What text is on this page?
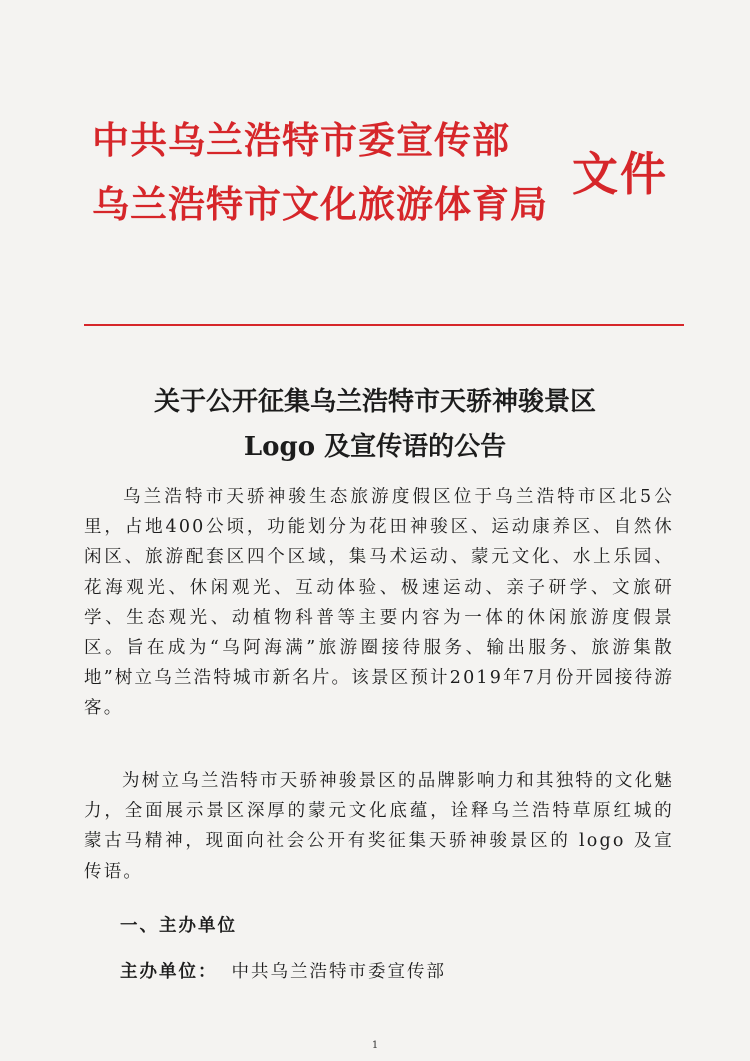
中共乌兰浩特市委宣传部
乌兰浩特市文化旅游体育局
文件
关于公开征集乌兰浩特市天骄神骏景区
Logo 及宣传语的公告

乌兰浩特市天骄神骏生态旅游度假区位于乌兰浩特市区北5公里，占地400公顷，功能划分为花田神骏区、运动康养区、自然休闲区、旅游配套区四个区域，集马术运动、蒙元文化、水上乐园、花海观光、休闲观光、互动体验、极速运动、亲子研学、文旅研学、生态观光、动植物科普等主要内容为一体的休闲旅游度假景区。旨在成为“乌阿海满”旅游圈接待服务、输出服务、旅游集散地”树立乌兰浩特城市新名片。该景区预计2019年7月份开园接待游客。

为树立乌兰浩特市天骄神骏景区的品牌影响力和其独特的文化魅力，全面展示景区深厚的蒙元文化底蕴，诠释乌兰浩特草原红城的蒙古马精神，现面向社会公开有奖征集天骄神骏景区的 logo 及宣传语。

一、主办单位
主办单位： 中共乌兰浩特市委宣传部
1
